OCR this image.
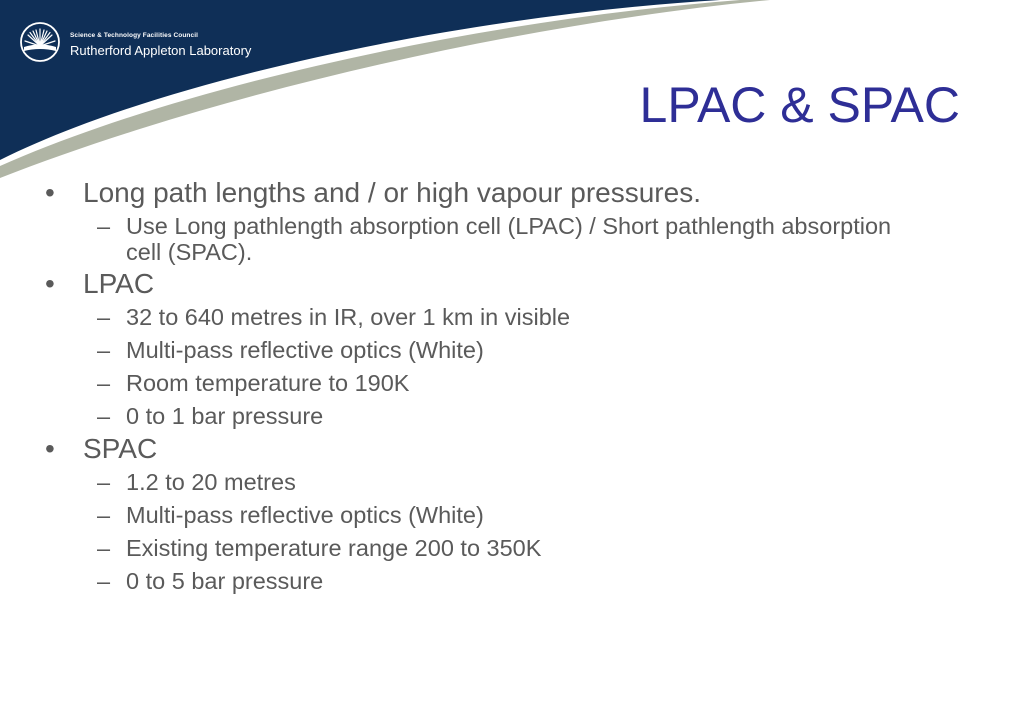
Science & Technology Facilities Council
Rutherford Appleton Laboratory
LPAC & SPAC
• Long path lengths and / or high vapour pressures.
– Use Long pathlength absorption cell (LPAC) / Short pathlength absorption cell (SPAC).
• LPAC
– 32 to 640 metres in IR, over 1 km in visible
– Multi-pass reflective optics (White)
– Room temperature to 190K
– 0 to 1 bar pressure
• SPAC
– 1.2 to 20 metres
– Multi-pass reflective optics (White)
– Existing temperature range 200 to 350K
– 0 to 5 bar pressure
